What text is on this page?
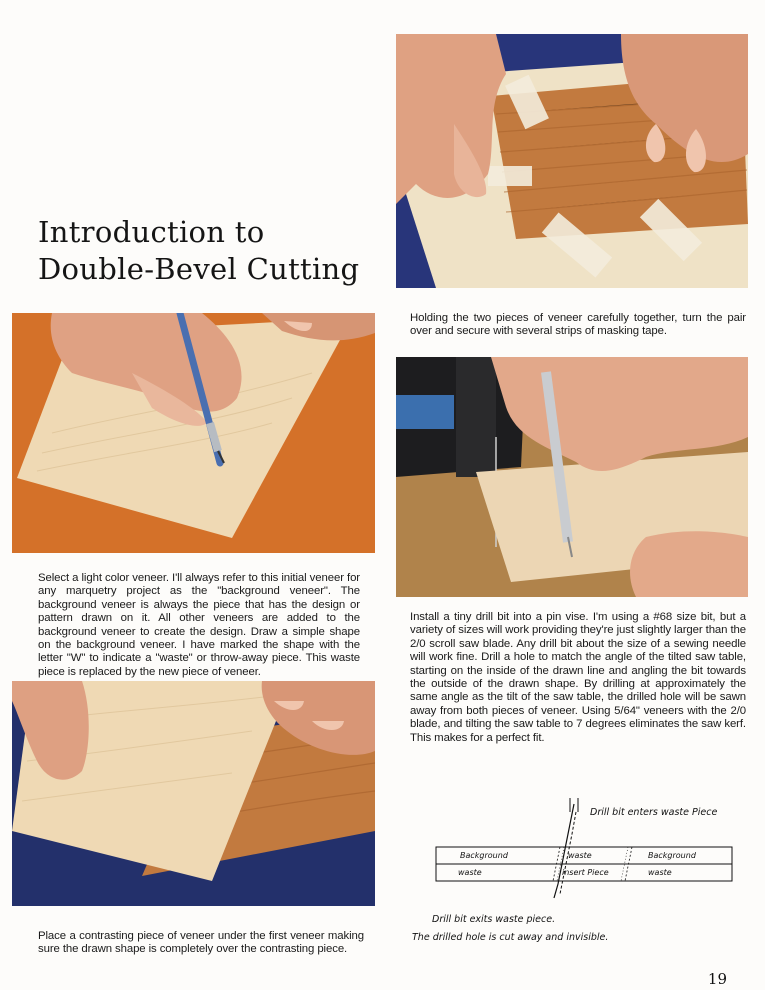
Introduction to
Double-Bevel Cutting
Holding the two pieces of veneer carefully together, turn the pair over and secure with several strips of masking tape.
Select a light color veneer. I'll always refer to this initial veneer for any marquetry project as the "background veneer". The background veneer is always the piece that has the design or pattern drawn on it. All other veneers are added to the background veneer to create the design. Draw a simple shape on the background veneer. I have marked the shape with the letter "W" to indicate a "waste" or throw-away piece. This waste piece is replaced by the new piece of veneer.
Install a tiny drill bit into a pin vise. I'm using a #68 size bit, but a variety of sizes will work providing they're just slightly larger than the 2/0 scroll saw blade. Any drill bit about the size of a sewing needle will work fine. Drill a hole to match the angle of the tilted saw table, starting on the inside of the drawn line and angling the bit towards the outside of the drawn shape. By drilling at approximately the same angle as the tilt of the saw table, the drilled hole will be sawn away from both pieces of veneer. Using 5/64" veneers with the 2/0 blade, and tilting the saw table to 7 degrees eliminates the saw kerf. This makes for a perfect fit.
Place a contrasting piece of veneer under the first veneer making sure the drawn shape is completely over the contrasting piece.
Drill bit enters waste Piece
Background	waste	Background
waste	insert Piece	waste
Drill bit exits waste piece.
The drilled hole is cut away and invisible.
19
